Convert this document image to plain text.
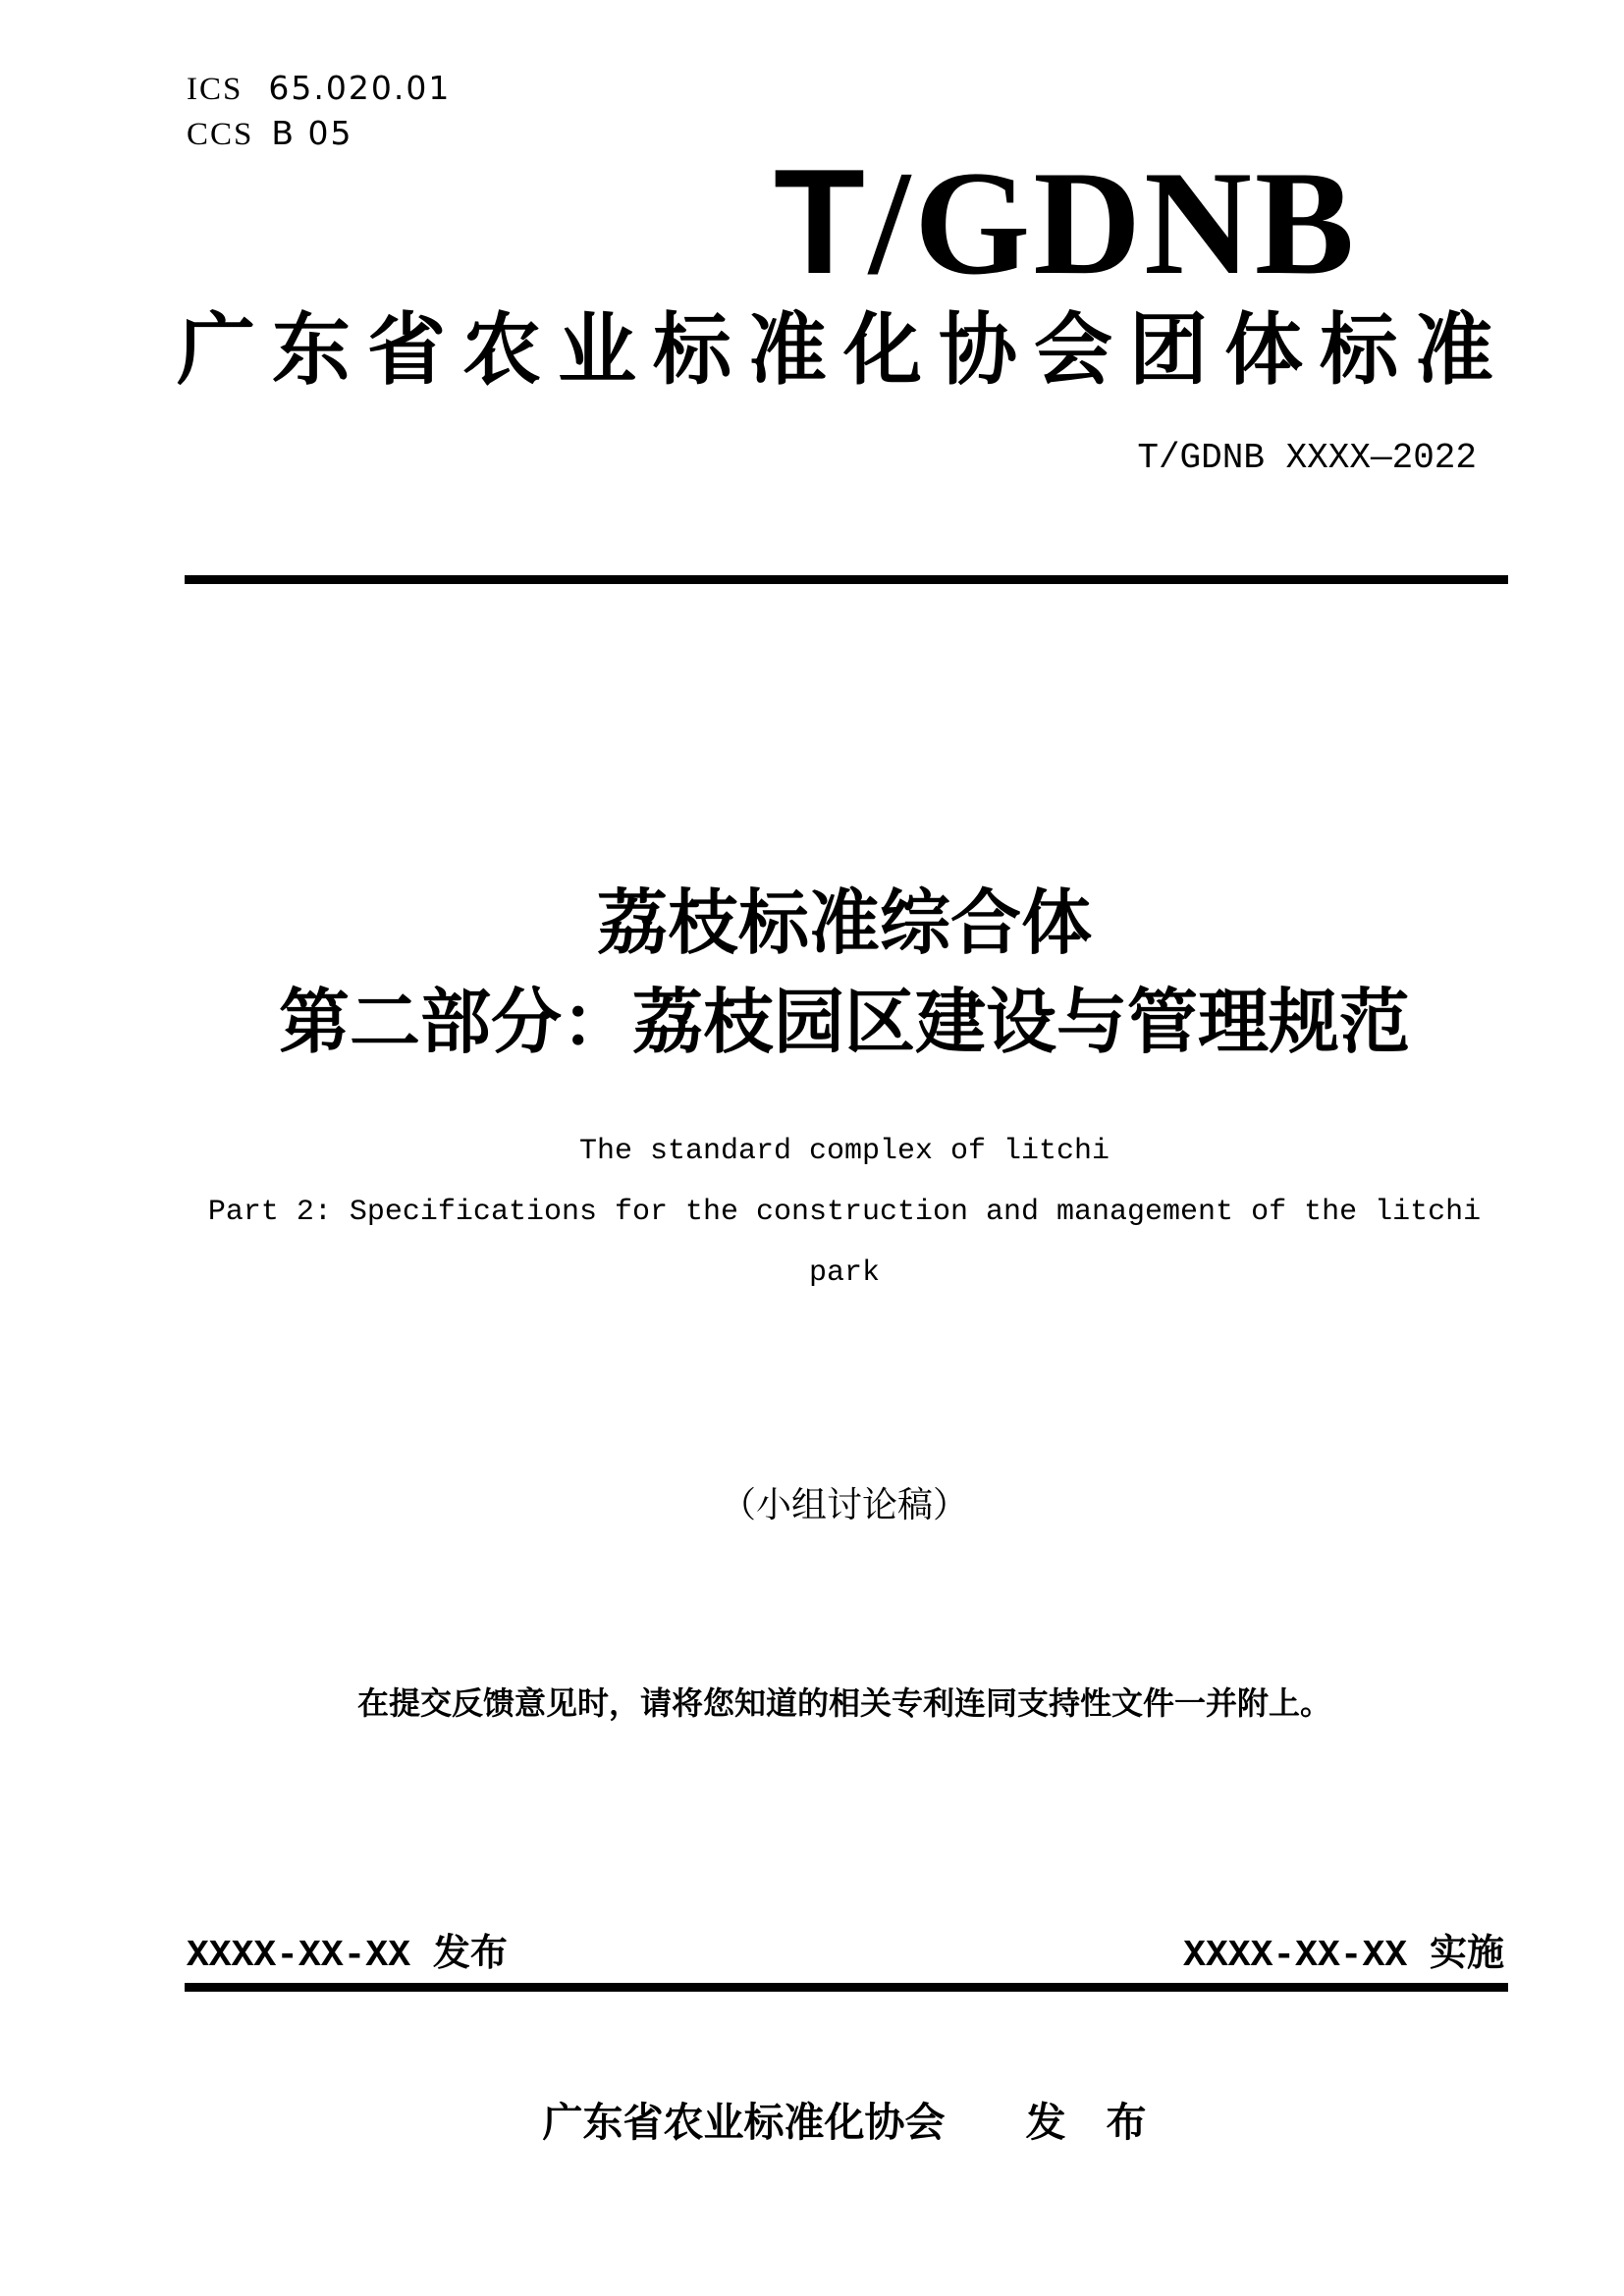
ICS 65.020.01
CCS B 05
T/GDNB
广东省农业标准化协会团体标准
T/GDNB XXXX—2022
荔枝标准综合体
第二部分：荔枝园区建设与管理规范
The standard complex of litchi
Part 2: Specifications for the construction and management of the litchi
park
（小组讨论稿）
在提交反馈意见时，请将您知道的相关专利连同支持性文件一并附上。
XXXX-XX-XX 发布	XXXX-XX-XX 实施
广东省农业标准化协会　　发　布
